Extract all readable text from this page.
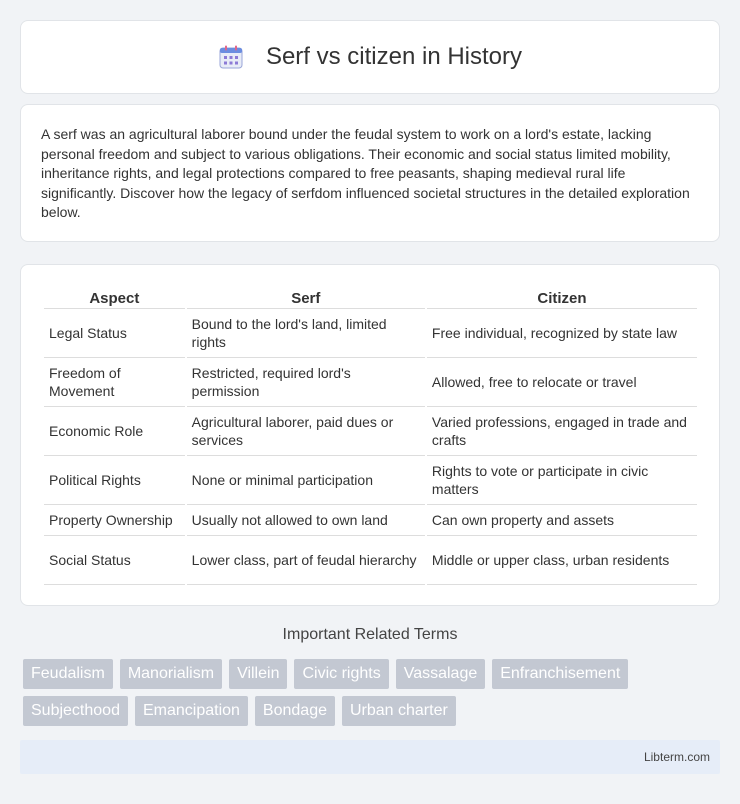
Serf vs citizen in History

A serf was an agricultural laborer bound under the feudal system to work on a lord's estate, lacking personal freedom and subject to various obligations. Their economic and social status limited mobility, inheritance rights, and legal protections compared to free peasants, shaping medieval rural life significantly. Discover how the legacy of serfdom influenced societal structures in the detailed exploration below.

Aspect	Serf	Citizen
Legal Status	Bound to the lord's land, limited rights	Free individual, recognized by state law
Freedom of Movement	Restricted, required lord's permission	Allowed, free to relocate or travel
Economic Role	Agricultural laborer, paid dues or services	Varied professions, engaged in trade and crafts
Political Rights	None or minimal participation	Rights to vote or participate in civic matters
Property Ownership	Usually not allowed to own land	Can own property and assets
Social Status	Lower class, part of feudal hierarchy	Middle or upper class, urban residents
Important Related Terms
Feudalism	Manorialism	Villein	Civic rights	Vassalage	Enfranchisement
Subjecthood	Emancipation	Bondage	Urban charter
Libterm.com
